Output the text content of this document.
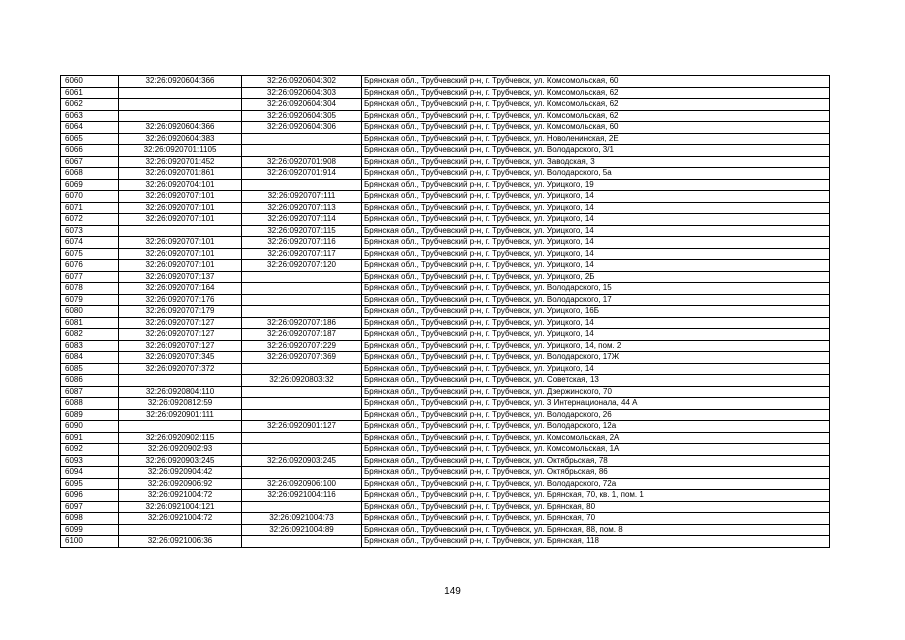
6060	32:26:0920604:366	32:26:0920604:302	Брянская обл., Трубчевский р-н, г. Трубчевск, ул. Комсомольская, 60
6061		32:26:0920604:303	Брянская обл., Трубчевский р-н, г. Трубчевск, ул. Комсомольская, 62
6062		32:26:0920604:304	Брянская обл., Трубчевский р-н, г. Трубчевск, ул. Комсомольская, 62
6063		32:26:0920604:305	Брянская обл., Трубчевский р-н, г. Трубчевск, ул. Комсомольская, 62
6064	32:26:0920604:366	32:26:0920604:306	Брянская обл., Трубчевский р-н, г. Трубчевск, ул. Комсомольская, 60
6065	32:26:0920604:383		Брянская обл., Трубчевский р-н, г. Трубчевск, ул. Новоленинская, 2Е
6066	32:26:0920701:1105		Брянская обл., Трубчевский р-н, г. Трубчевск, ул. Володарского, 3/1
6067	32:26:0920701:452	32:26:0920701:908	Брянская обл., Трубчевский р-н, г. Трубчевск, ул. Заводская, 3
6068	32:26:0920701:861	32:26:0920701:914	Брянская обл., Трубчевский р-н, г. Трубчевск, ул. Володарского, 5а
6069	32:26:0920704:101		Брянская обл., Трубчевский р-н, г. Трубчевск, ул. Урицкого, 19
6070	32:26:0920707:101	32:26:0920707:111	Брянская обл., Трубчевский р-н, г. Трубчевск, ул. Урицкого, 14
6071	32:26:0920707:101	32:26:0920707:113	Брянская обл., Трубчевский р-н, г. Трубчевск, ул. Урицкого, 14
6072	32:26:0920707:101	32:26:0920707:114	Брянская обл., Трубчевский р-н, г. Трубчевск, ул. Урицкого, 14
6073		32:26:0920707:115	Брянская обл., Трубчевский р-н, г. Трубчевск, ул. Урицкого, 14
6074	32:26:0920707:101	32:26:0920707:116	Брянская обл., Трубчевский р-н, г. Трубчевск, ул. Урицкого, 14
6075	32:26:0920707:101	32:26:0920707:117	Брянская обл., Трубчевский р-н, г. Трубчевск, ул. Урицкого, 14
6076	32:26:0920707:101	32:26:0920707:120	Брянская обл., Трубчевский р-н, г. Трубчевск, ул. Урицкого, 14
6077	32:26:0920707:137		Брянская обл., Трубчевский р-н, г. Трубчевск, ул. Урицкого, 2Б
6078	32:26:0920707:164		Брянская обл., Трубчевский р-н, г. Трубчевск, ул. Володарского, 15
6079	32:26:0920707:176		Брянская обл., Трубчевский р-н, г. Трубчевск, ул. Володарского, 17
6080	32:26:0920707:179		Брянская обл., Трубчевский р-н, г. Трубчевск, ул. Урицкого, 16Б
6081	32:26:0920707:127	32:26:0920707:186	Брянская обл., Трубчевский р-н, г. Трубчевск, ул. Урицкого, 14
6082	32:26:0920707:127	32:26:0920707:187	Брянская обл., Трубчевский р-н, г. Трубчевск, ул. Урицкого, 14
6083	32:26:0920707:127	32:26:0920707:229	Брянская обл., Трубчевский р-н, г. Трубчевск, ул. Урицкого, 14, пом. 2
6084	32:26:0920707:345	32:26:0920707:369	Брянская обл., Трубчевский р-н, г. Трубчевск, ул. Володарского, 17Ж
6085	32:26:0920707:372		Брянская обл., Трубчевский р-н, г. Трубчевск, ул. Урицкого, 14
6086		32:26:0920803:32	Брянская обл., Трубчевский р-н, г. Трубчевск, ул. Советская, 13
6087	32:26:0920804:110		Брянская обл., Трубчевский р-н, г. Трубчевск, ул. Дзержинского, 70
6088	32:26:0920812:59		Брянская обл., Трубчевский р-н, г. Трубчевск, ул. 3 Интернационала, 44 А
6089	32:26:0920901:111		Брянская обл., Трубчевский р-н, г. Трубчевск, ул. Володарского, 26
6090		32:26:0920901:127	Брянская обл., Трубчевский р-н, г. Трубчевск, ул. Володарского, 12а
6091	32:26:0920902:115		Брянская обл., Трубчевский р-н, г. Трубчевск, ул. Комсомольская, 2А
6092	32:26:0920902:93		Брянская обл., Трубчевский р-н, г. Трубчевск, ул. Комсомольская, 1А
6093	32:26:0920903:245	32:26:0920903:245	Брянская обл., Трубчевский р-н, г. Трубчевск, ул. Октябрьская, 78
6094	32:26:0920904:42		Брянская обл., Трубчевский р-н, г. Трубчевск, ул. Октябрьская, 86
6095	32:26:0920906:92	32:26:0920906:100	Брянская обл., Трубчевский р-н, г. Трубчевск, ул. Володарского, 72а
6096	32:26:0921004:72	32:26:0921004:116	Брянская обл., Трубчевский р-н, г. Трубчевск, ул. Брянская, 70, кв. 1, пом. 1
6097	32:26:0921004:121		Брянская обл., Трубчевский р-н, г. Трубчевск, ул. Брянская, 80
6098	32:26:0921004:72	32:26:0921004:73	Брянская обл., Трубчевский р-н, г. Трубчевск, ул. Брянская, 70
6099		32:26:0921004:89	Брянская обл., Трубчевский р-н, г. Трубчевск, ул. Брянская, 88, пом. 8
6100	32:26:0921006:36		Брянская обл., Трубчевский р-н, г. Трубчевск, ул. Брянская, 118
149
